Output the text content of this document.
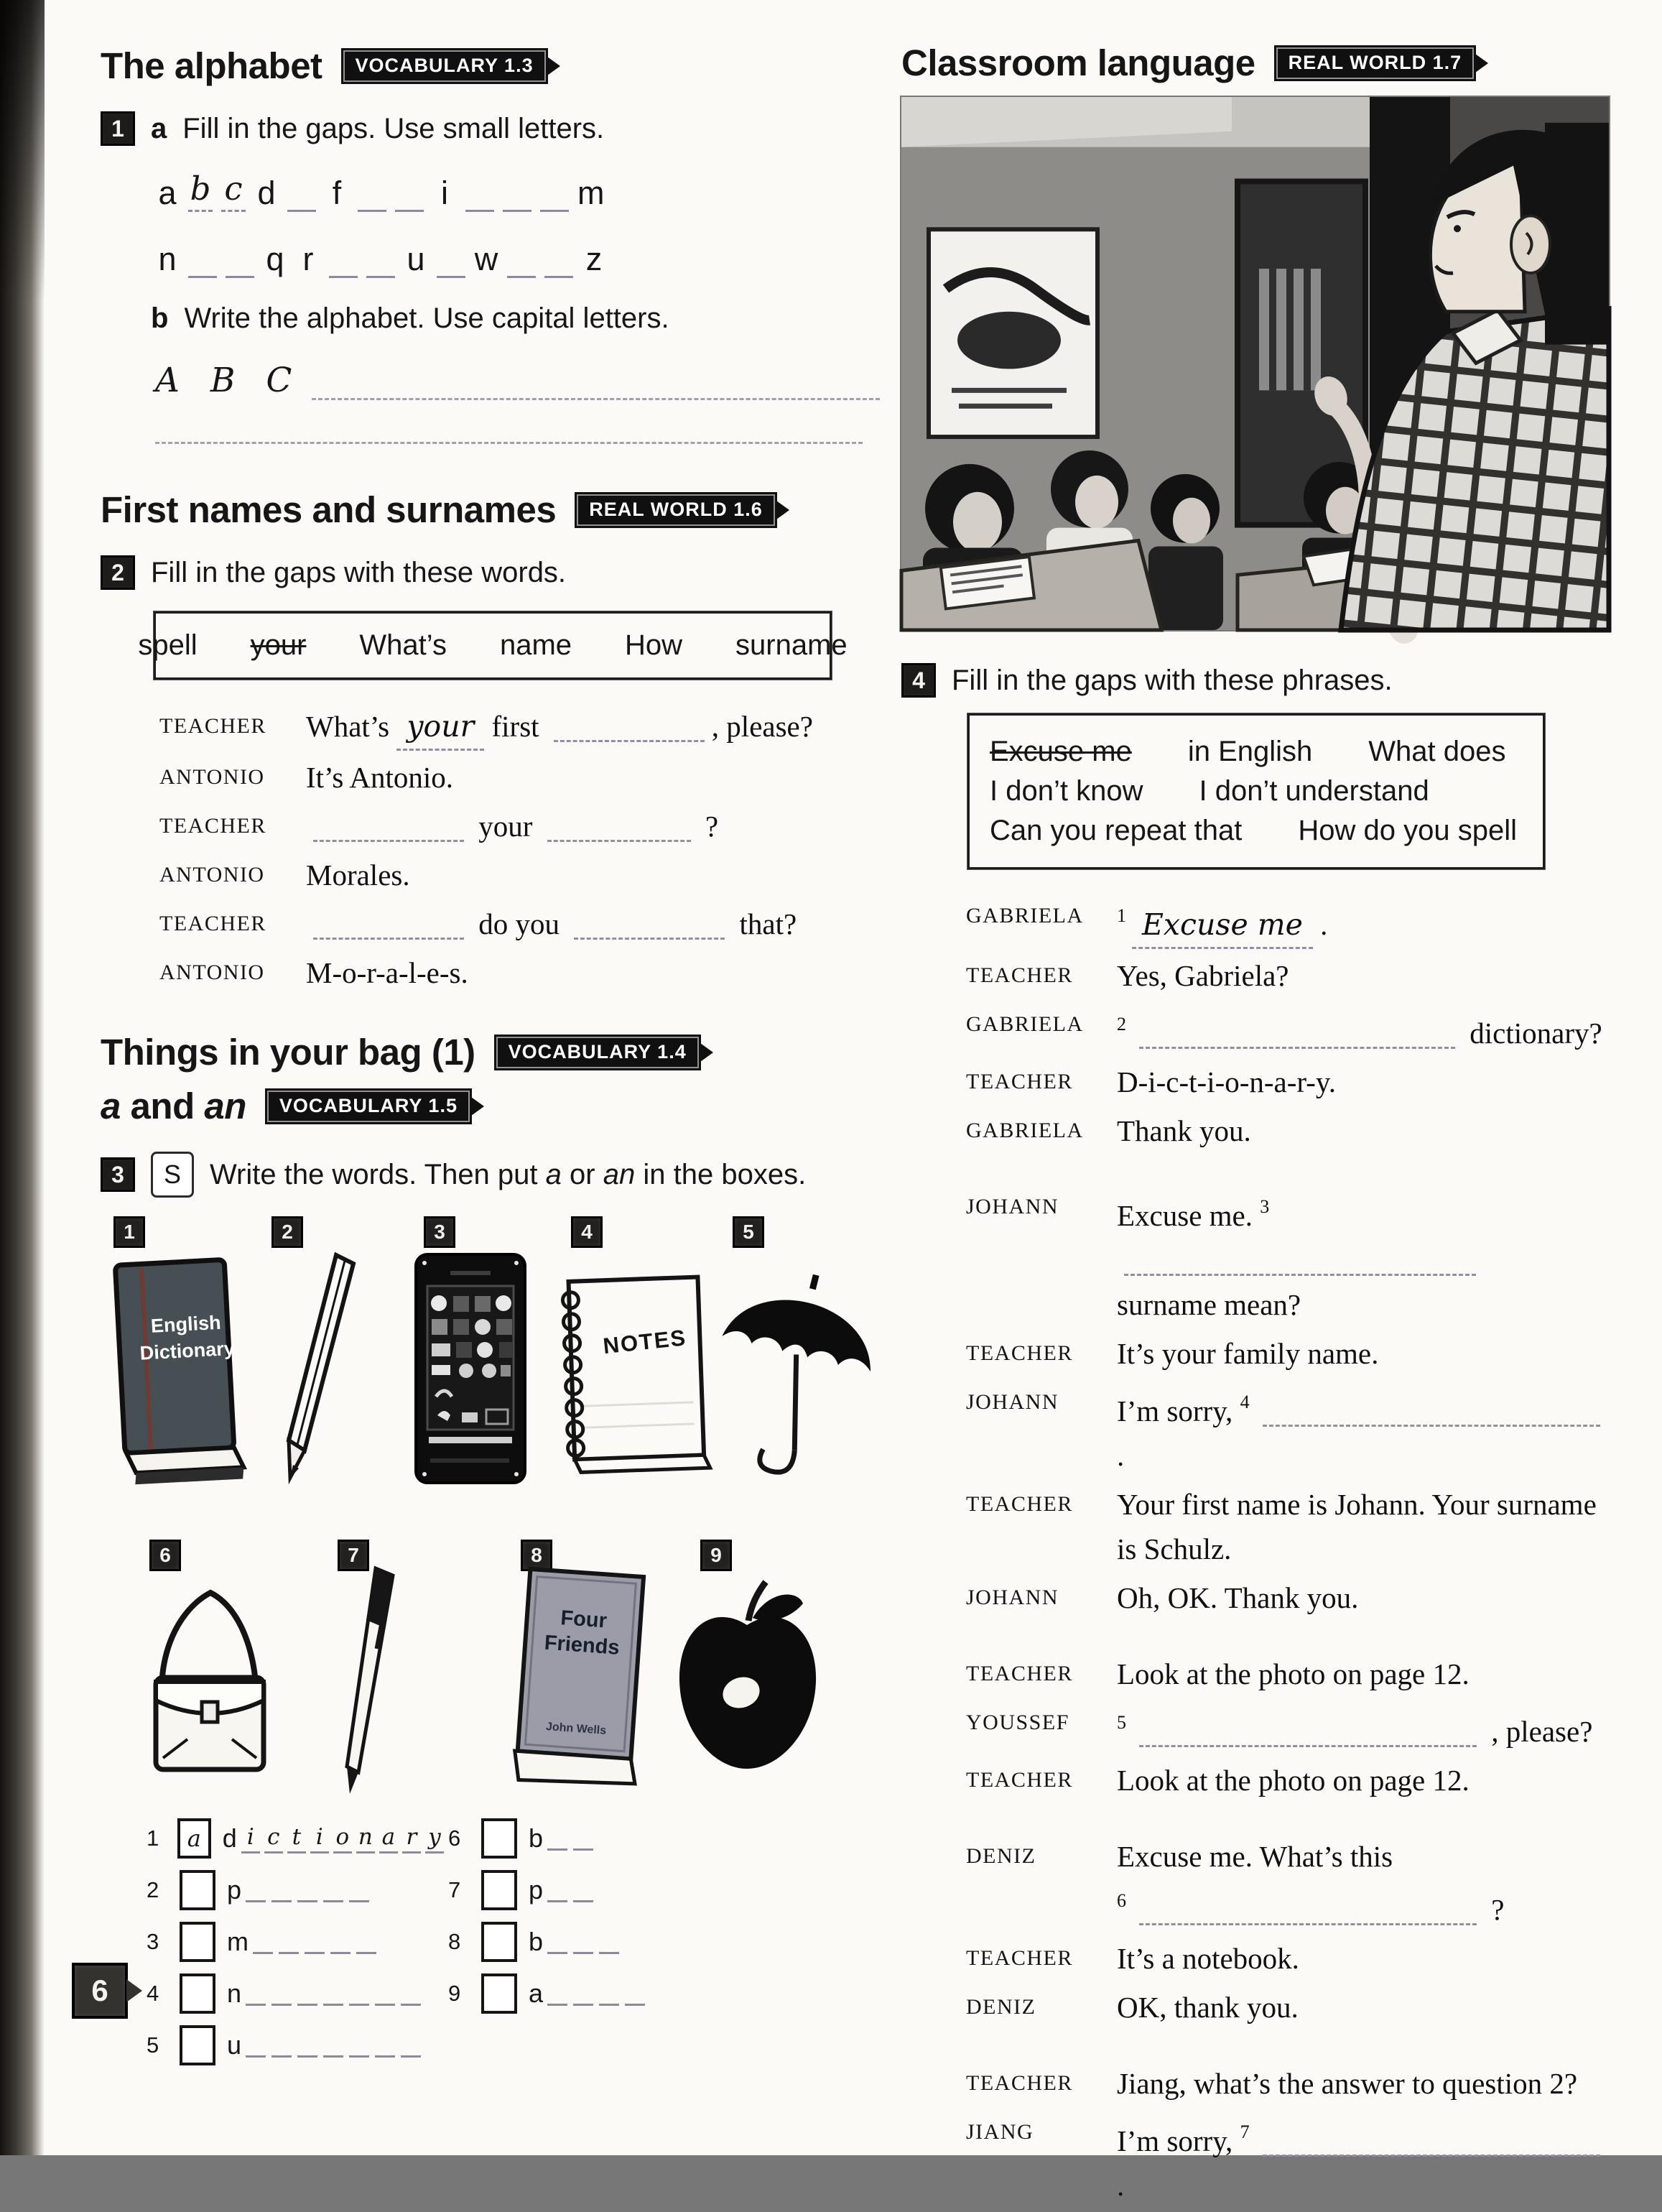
The alphabet	VOCABULARY 1.3
1 a Fill in the gaps. Use small letters.
a b c d f	i	m
n	q r	u w	z
b Write the alphabet. Use capital letters.
A B C
First names and surnames	REAL WORLD 1.6
2 Fill in the gaps with these words.
spell your What’s name How surname
TEACHER	What’s your first	, please?
ANTONIO	It’s Antonio.
TEACHER	your	?
ANTONIO	Morales.
TEACHER	do you	that?
ANTONIO	M-o-r-a-l-e-s.
Things in your bag (1)	VOCABULARY 1.4
a and an	VOCABULARY 1.5
3	S	Write the words. Then put a or an in the boxes.
1	2	3	4	5
English
Dictionary	NOTES
6	7	8	9
Four
Friends
John Wells
1	a d i c t i o n a r y
2	p
3	m
4	n
5	u
6	b
7	p
8	b
9	a
Classroom language	REAL WORLD 1.7
4 Fill in the gaps with these phrases.
Excuse me in English What does
I don’t know I don’t understand
Can you repeat that How do you spell
GABRIELA	$^1$ Excuse me .
TEACHER	Yes, Gabriela?
GABRIELA	$^2$	dictionary?
TEACHER	D-i-c-t-i-o-n-a-r-y.
GABRIELA	Thank you.
JOHANN	Excuse me. $^3$
surname mean?
TEACHER	It’s your family name.
JOHANN	I’m sorry, $^4$ .
TEACHER	Your first name is Johann. Your surname
is Schulz.
JOHANN	Oh, OK. Thank you.
TEACHER	Look at the photo on page 12.
YOUSSEF	$^5$	, please?
TEACHER	Look at the photo on page 12.
DENIZ	Excuse me. What’s this
$^6$	?
TEACHER	It’s a notebook.
DENIZ	OK, thank you.
TEACHER	Jiang, what’s the answer to question 2?
JIANG	I’m sorry, $^7$ .
6
